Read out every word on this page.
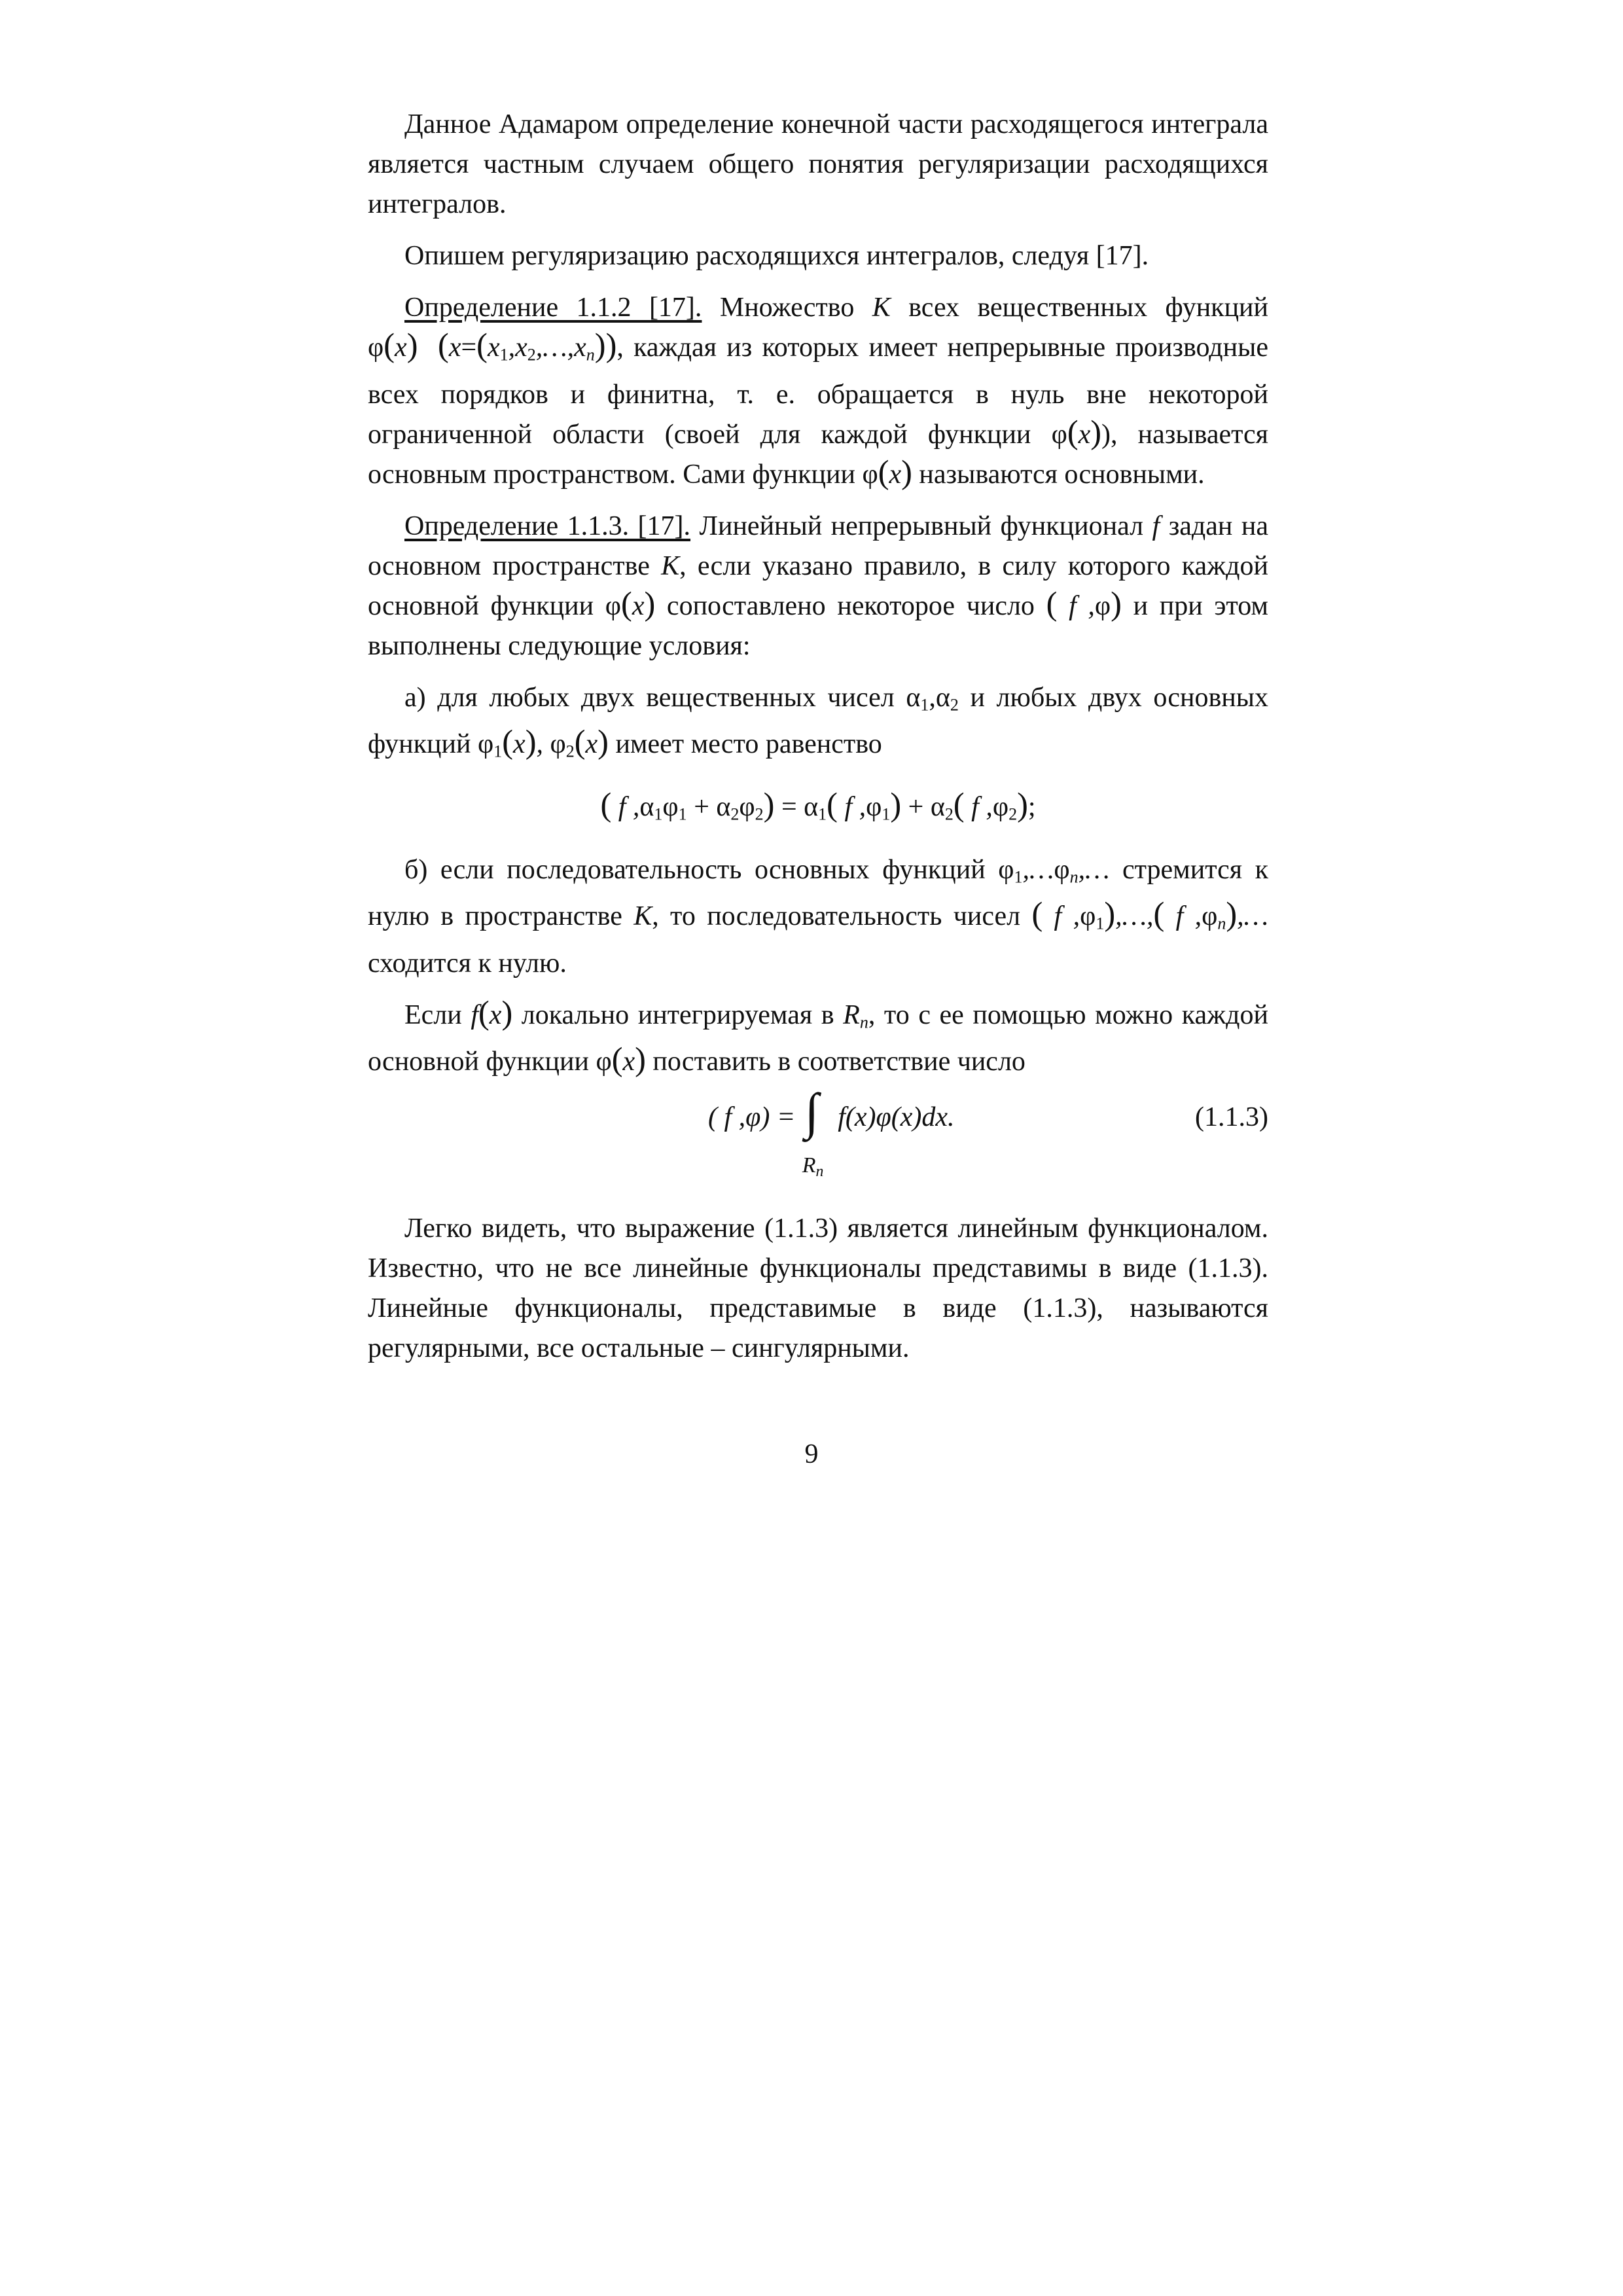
Данное Адамаром определение конечной части расходящегося интеграла является частным случаем общего понятия регуляризации расходящихся интегралов.

Опишем регуляризацию расходящихся интегралов, следуя [17].

Определение 1.1.2 [17]. Множество K всех вещественных функций φ(x) $(x=(x1,x2,\dots,x_n))$, каждая из которых имеет непрерывные производные всех порядков и финитна, т. е. обращается в нуль вне некоторой ограниченной области (своей для каждой функции φ(x)), называется основным пространством. Сами функции φ(x) называются основными.

Определение 1.1.3. [17]. Линейный непрерывный функционал f задан на основном пространстве K, если указано правило, в силу которого каждой основной функции φ(x) сопоставлено некоторое число ( f ,φ) и при этом выполнены следующие условия:

а) для любых двух вещественных чисел α1,α2 и любых двух основных функций φ1(x), φ2(x) имеет место равенство

( f ,α1φ1 + α2φ2) = α1( f ,φ1) + α2( f ,φ2);

б) если последовательность основных функций $\varphi 1,\dots\varphi_n,\dots$ стремится к нулю в пространстве K, то последовательность чисел ( f ,φ1),…,( f $,\varphi_n),\dots$ сходится к нулю.

Если f(x) локально интегрируемая в $R_n$, то с ее помощью можно каждой основной функции φ(x) поставить в соответствие число

( f ,φ) = ∫
$R_n$
f(x)φ(x)dx.	(1.1.3)

Легко видеть, что выражение (1.1.3) является линейным функционалом. Известно, что не все линейные функционалы представимы в виде (1.1.3). Линейные функционалы, представимые в виде (1.1.3), называются регулярными, все остальные – сингулярными.

9
